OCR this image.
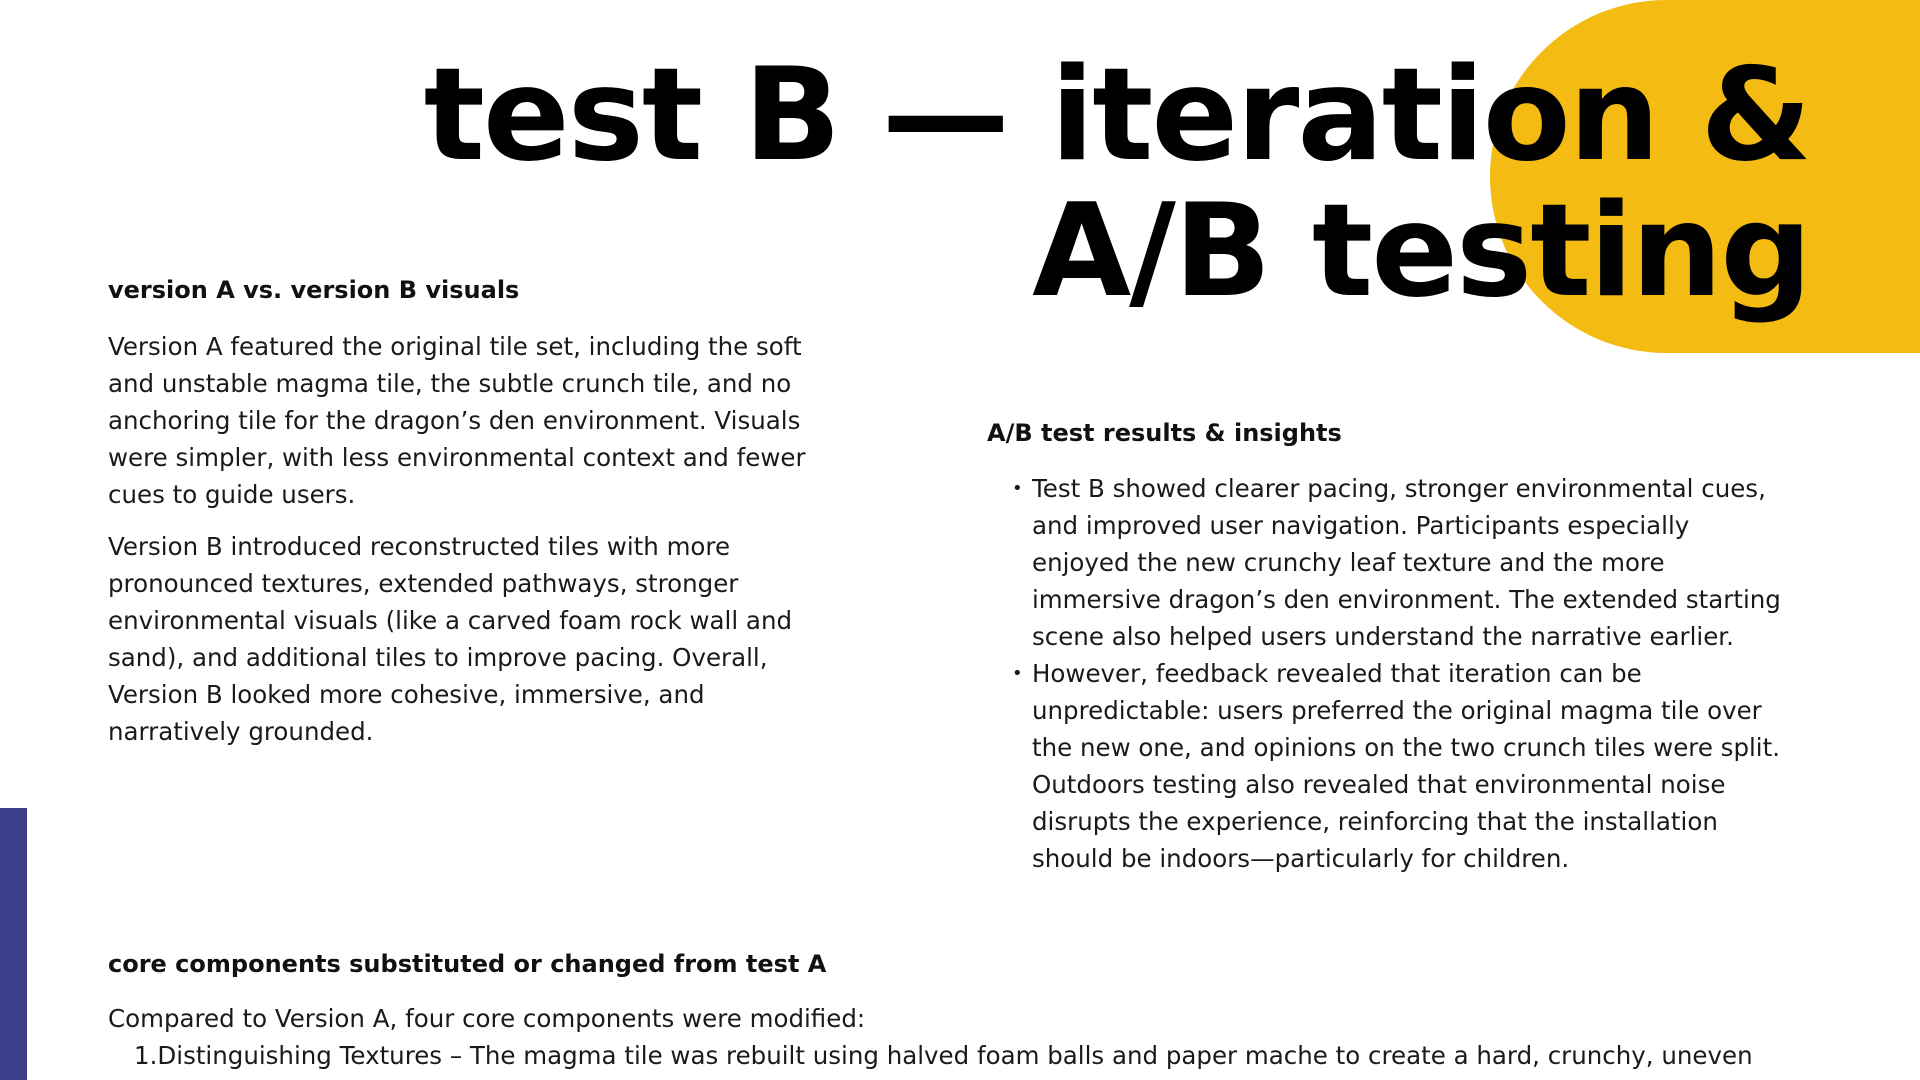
test B — iteration &
A/B testing
version A vs. version B visuals

Version A featured the original tile set, including the soft and unstable magma tile, the subtle crunch tile, and no anchoring tile for the dragon’s den environment. Visuals were simpler, with less environmental context and fewer cues to guide users.

Version B introduced reconstructed tiles with more pronounced textures, extended pathways, stronger environmental visuals (like a carved foam rock wall and sand), and additional tiles to improve pacing. Overall, Version B looked more cohesive, immersive, and narratively grounded.

A/B test results & insights
• Test B showed clearer pacing, stronger environmental cues, and improved user navigation. Participants especially enjoyed the new crunchy leaf texture and the more immersive dragon’s den environment. The extended starting scene also helped users understand the narrative earlier.
• However, feedback revealed that iteration can be unpredictable: users preferred the original magma tile over the new one, and opinions on the two crunch tiles were split. Outdoors testing also revealed that environmental noise disrupts the experience, reinforcing that the installation should be indoors—particularly for children.
core components substituted or changed from test A

Compared to Version A, four core components were modified:

1.Distinguishing Textures – The magma tile was rebuilt using halved foam balls and paper mache to create a hard, crunchy, uneven
